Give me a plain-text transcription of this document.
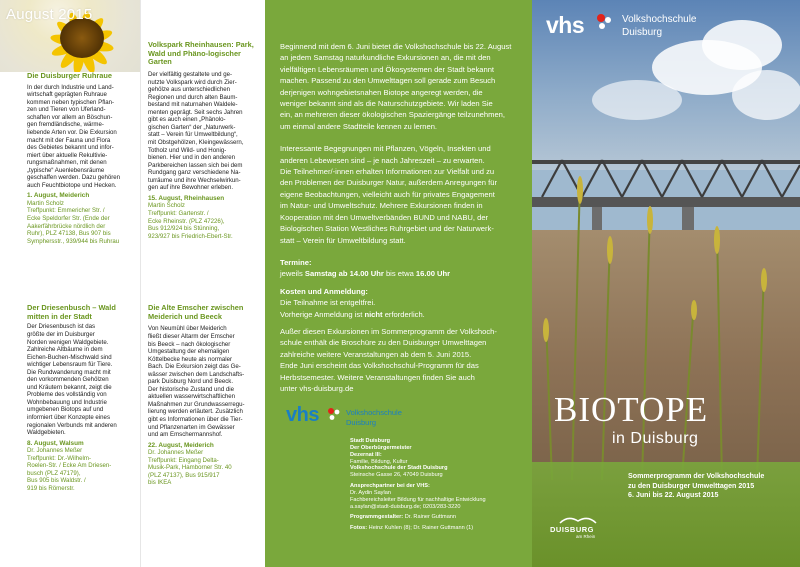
August 2015

Die Duisburger Ruhraue

In der durch Industrie und Land-
wirtschaft geprägten Ruhraue
kommen neben typischen Pflan-
zen und Tieren von Uferland-
schaften vor allem an Böschun-
gen fremdländische, wärme-
liebende Arten vor. Die Exkursion
macht mit der Fauna und Flora
des Gebietes bekannt und infor-
miert über aktuelle Rekultivie-
rungsmaßnahmen, mit denen
„typische“ Auenlebensräume
geschaffen werden. Dazu gehören
auch Feuchtbiotope und Hecken.

1. August, Meiderich

Martin Scholz
Treffpunkt: Emmericher Str. /
Ecke Speldorfer Str. (Ende der
Aakerfährbrücke nördlich der
Ruhr), PLZ 47138, Bus 907 bis
Symphersstr., 939/944 bis Ruhrau

Der Driesenbusch – Wald mitten in der Stadt

Der Driesenbusch ist das
größte der im Duisburger
Norden wenigen Waldgebiete.
Zahlreiche Altbäume in dem
Eichen-Buchen-Mischwald sind
wichtiger Lebensraum für Tiere.
Die Rundwanderung macht mit
den vorkommenden Gehölzen
und Kräutern bekannt, zeigt die
Probleme des vollständig von
Wohnbebauung und Industrie
umgebenen Biotops auf und
informiert über Konzepte eines
regionalen Verbunds mit anderen
Waldgebieten.

8. August, Walsum

Dr. Johannes Meßer
Treffpunkt: Dr.-Wilhelm-
Roelen-Str. / Ecke Am Driesen-
busch (PLZ 47179),
Bus 905 bis Waldstr. /
919 bis Römerstr.

Volkspark Rheinhausen: Park, Wald und Phäno-logischer Garten

Der vielfältig gestaltete und ge-
nutzte Volkspark wird durch Zier-
gehölze aus unterschiedlichen
Regionen und durch alten Baum-
bestand mit naturnahen Waldele-
menten geprägt. Seit sechs Jahren
gibt es auch einen „Phänolo-
gischen Garten“ der „Naturwerk-
statt – Verein für Umweltbildung“,
mit Obstgehölzen, Kleingewässern,
Totholz und Wild- und Honig-
bienen. Hier und in den anderen
Parkbereichen lassen sich bei dem
Rundgang ganz verschiedene Na-
turräume und ihre Wechselwirkun-
gen auf ihre Bewohner erleben.

15. August, Rheinhausen

Martin Scholz
Treffpunkt: Gartenstr. /
Ecke Rheinstr. (PLZ 47226),
Bus 912/924 bis Stünning,
923/927 bis Friedrich-Ebert-Str.

Die Alte Emscher zwischen Meiderich und Beeck

Von Neumühl über Meiderich
fließt dieser Altarm der Emscher
bis Beeck – nach ökologischer
Umgestaltung der ehemaligen
Köttelbecke heute als normaler
Bach. Die Exkursion zeigt das Ge-
wässer zwischen dem Landschafts-
park Duisburg Nord und Beeck.
Der historische Zustand und die
aktuellen wasserwirtschaftlichen
Maßnahmen zur Grundwasserregu-
lierung werden erläutert. Zusätzlich
gibt es Informationen über die Tier-
und Pflanzenarten im Gewässer
und am Emschermannshof.

22. August, Meiderich

Dr. Johannes Meßer
Treffpunkt: Eingang Delta-
Musik-Park, Hamborner Str. 40
(PLZ 47137), Bus 915/917
bis IKEA
Beginnend mit dem 6. Juni bietet die Volkshochschule bis 22. August
an jedem Samstag naturkundliche Exkursionen an, die mit den
vielfältigen Lebensräumen und Ökosystemen der Stadt bekannt
machen. Passend zu den Umwelttagen soll gerade zum Besuch
derjenigen wohngebietsnahen Biotope angeregt werden, die
weniger bekannt sind als die Naturschutzgebiete. Wir laden Sie
ein, an mehreren dieser ökologischen Spaziergänge teilzunehmen,
um einmal andere Stadtteile kennen zu lernen.
Interessante Begegnungen mit Pflanzen, Vögeln, Insekten und
anderen Lebewesen sind – je nach Jahreszeit – zu erwarten.
Die Teilnehmer/-innen erhalten Informationen zur Vielfalt und zu
den Problemen der Duisburger Natur, außerdem Anregungen für
eigene Beobachtungen, vielleicht auch für privates Engagement
im Natur- und Umweltschutz. Mehrere Exkursionen finden in
Kooperation mit den Umweltverbänden BUND und NABU, der
Biologischen Station Westliches Ruhrgebiet und der Naturwerk-
statt – Verein für Umweltbildung statt.

Termine:

jeweils Samstag ab 14.00 Uhr bis etwa 16.00 Uhr

Kosten und Anmeldung:

Die Teilnahme ist entgeltfrei.

Vorherige Anmeldung ist nicht erforderlich.

Außer diesen Exkursionen im Sommerprogramm der Volkshoch-
schule enthält die Broschüre zu den Duisburger Umwelttagen
zahlreiche weitere Veranstaltungen ab dem 5. Juni 2015.
Ende Juni erscheint das Volkshochschul-Programm für das
Herbstsemester. Weitere Veranstaltungen finden Sie auch
unter vhs-duisburg.de
vhs	Volkshochschule
Duisburg

Stadt Duisburg

Der Oberbürgermeister

Dezernat III:

Familie, Bildung, Kultur

Volkshochschule der Stadt Duisburg

Steinsche Gasse 26, 47049 Duisburg

Ansprechpartner bei der VHS:

Dr. Aydin Saylan

Fachbereichsleiter Bildung für nachhaltige Entwicklung

a.saylan@stadt-duisburg.de; 0203/283-3220

Programmgestalter: Dr. Rainer Guttmann

Fotos: Heinz Kuhlen (8); Dr. Rainer Guttmann (1)

vhs	Volkshochschule
Duisburg
BIOTOPE
in Duisburg
Sommerprogramm der Volkshochschule
zu den Duisburger Umwelttagen 2015
6. Juni bis 22. August 2015
DUISBURG
am Rhein
